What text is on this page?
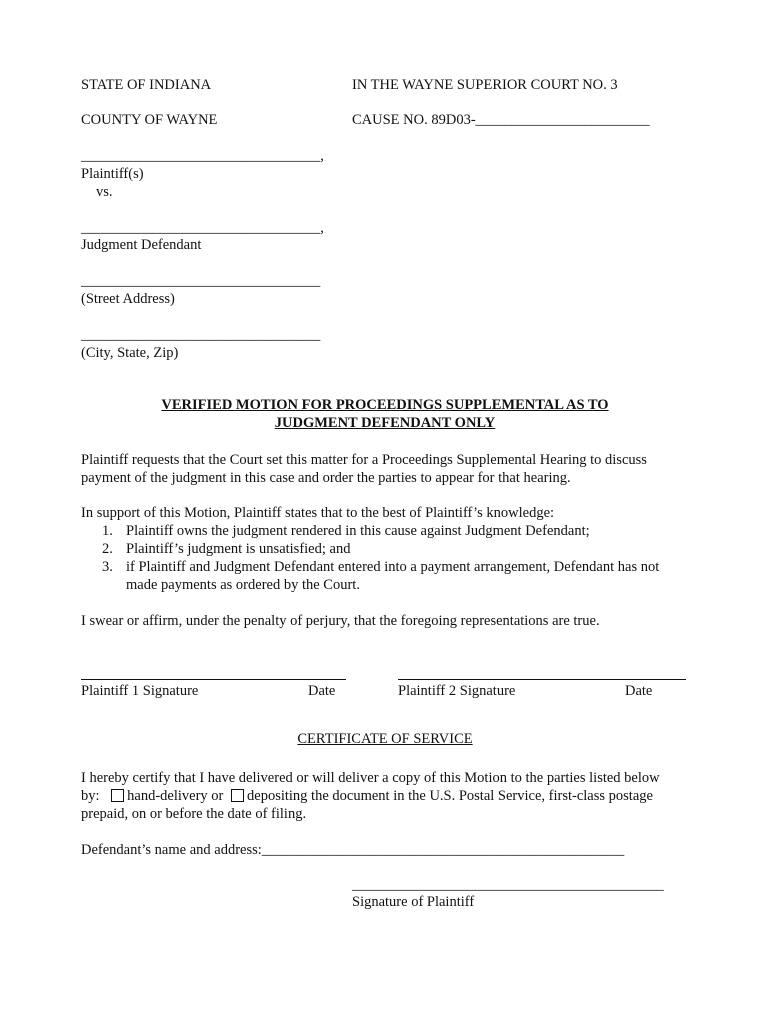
STATE OF INDIANA	IN THE WAYNE SUPERIOR COURT NO. 3
COUNTY OF WAYNE	CAUSE NO. 89D03-________________________
_________________________________,
Plaintiff(s)
vs.
_________________________________,
Judgment Defendant
_________________________________
(Street Address)
_________________________________
(City, State, Zip)
VERIFIED MOTION FOR PROCEEDINGS SUPPLEMENTAL AS TO
JUDGMENT DEFENDANT ONLY
Plaintiff requests that the Court set this matter for a Proceedings Supplemental Hearing to discuss
payment of the judgment in this case and order the parties to appear for that hearing.
In support of this Motion, Plaintiff states that to the best of Plaintiff’s knowledge:
1. Plaintiff owns the judgment rendered in this cause against Judgment Defendant;
2. Plaintiff’s judgment is unsatisfied; and
3. if Plaintiff and Judgment Defendant entered into a payment arrangement, Defendant has not
made payments as ordered by the Court.
I swear or affirm, under the penalty of perjury, that the foregoing representations are true.
Plaintiff 1 Signature	Date	Plaintiff 2 Signature	Date
CERTIFICATE OF SERVICE
I hereby certify that I have delivered or will deliver a copy of this Motion to the parties listed below
by: hand-delivery or depositing the document in the U.S. Postal Service, first-class postage
prepaid, on or before the date of filing.
Defendant’s name and address:__________________________________________________
___________________________________________
Signature of Plaintiff
